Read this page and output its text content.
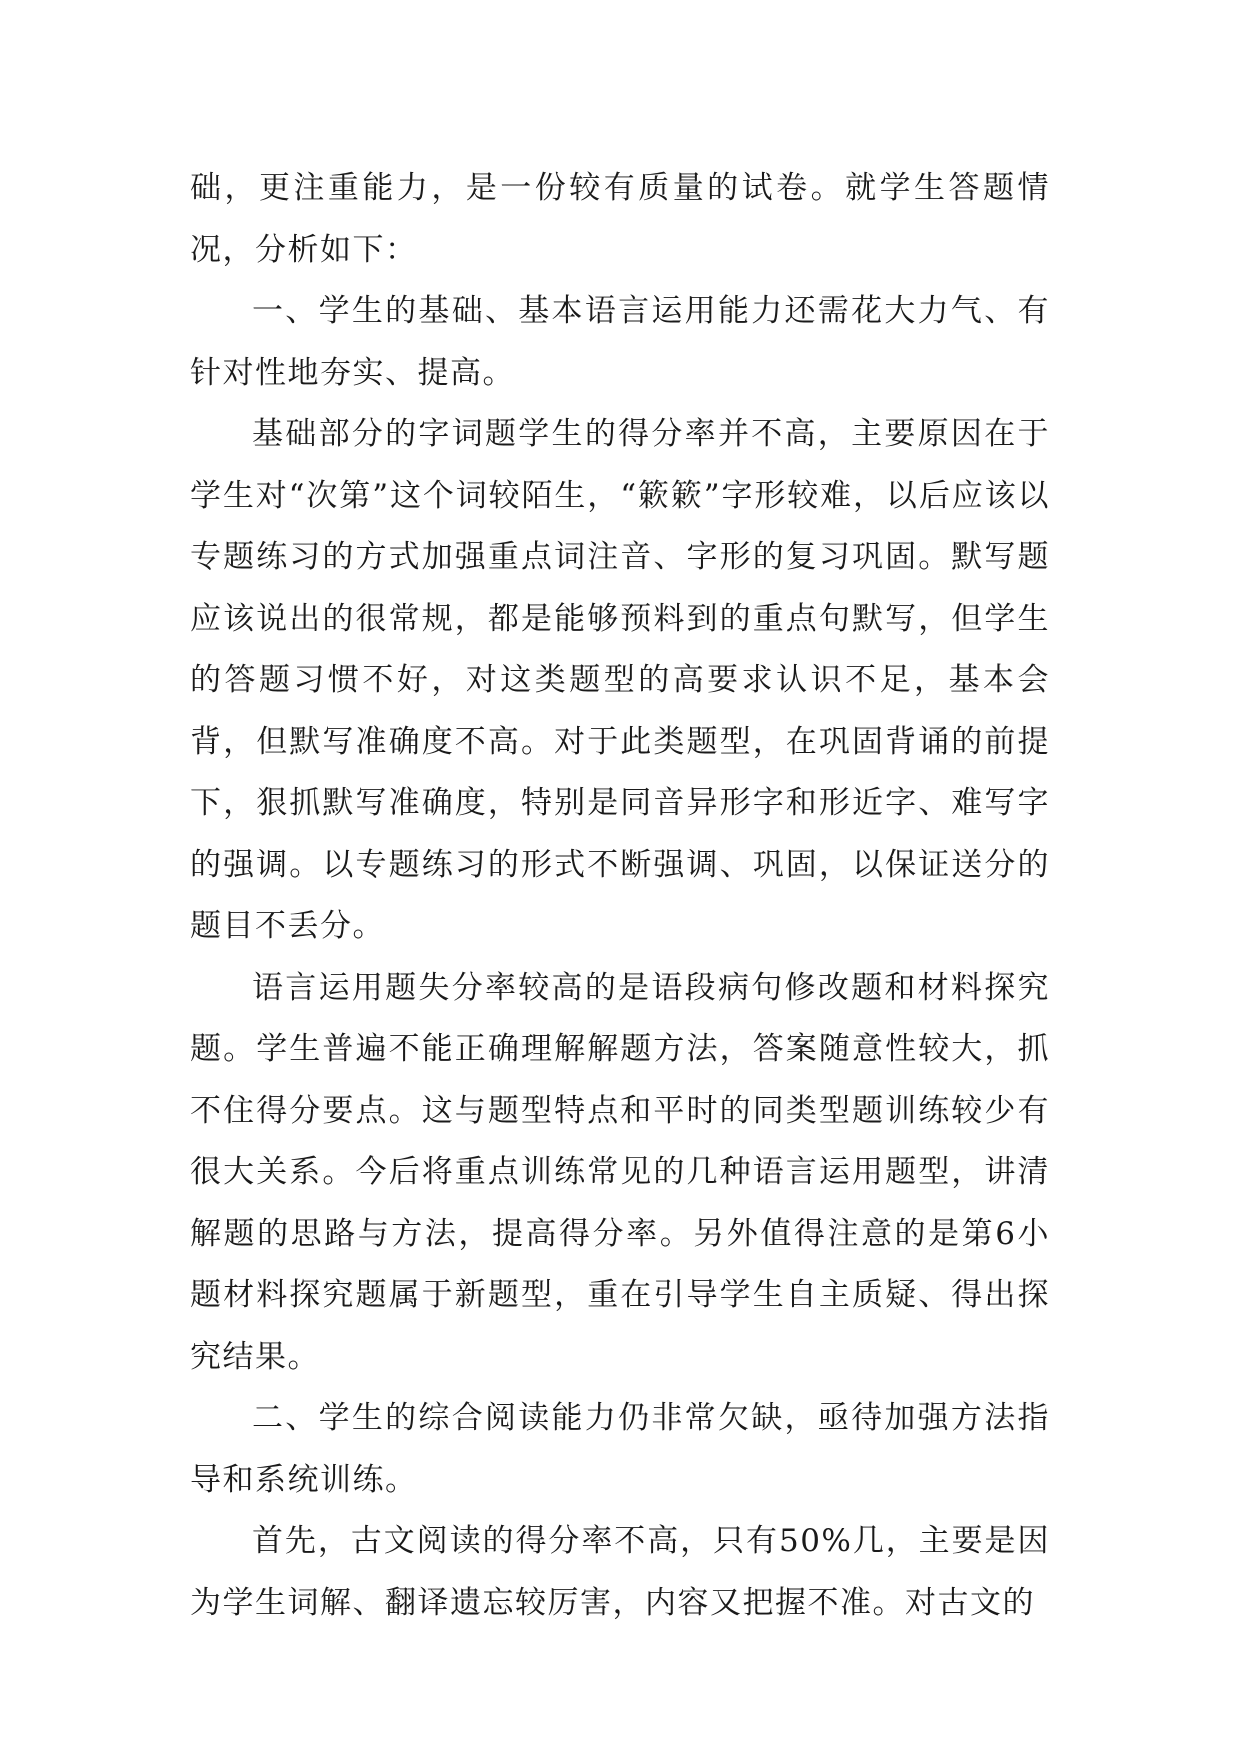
础，更注重能力，是一份较有质量的试卷。就学生答题情况，分析如下：

一、学生的基础、基本语言运用能力还需花大力气、有针对性地夯实、提高。

基础部分的字词题学生的得分率并不高，主要原因在于学生对“次第”这个词较陌生，“簌簌”字形较难，以后应该以专题练习的方式加强重点词注音、字形的复习巩固。默写题应该说出的很常规，都是能够预料到的重点句默写，但学生的答题习惯不好，对这类题型的高要求认识不足，基本会背，但默写准确度不高。对于此类题型，在巩固背诵的前提下，狠抓默写准确度，特别是同音异形字和形近字、难写字的强调。以专题练习的形式不断强调、巩固，以保证送分的题目不丢分。

语言运用题失分率较高的是语段病句修改题和材料探究题。学生普遍不能正确理解解题方法，答案随意性较大，抓不住得分要点。这与题型特点和平时的同类型题训练较少有很大关系。今后将重点训练常见的几种语言运用题型，讲清解题的思路与方法，提高得分率。另外值得注意的是第6小题材料探究题属于新题型，重在引导学生自主质疑、得出探究结果。

二、学生的综合阅读能力仍非常欠缺，亟待加强方法指导和系统训练。

首先，古文阅读的得分率不高，只有50%几，主要是因为学生词解、翻译遗忘较厉害，内容又把握不准。对古文的
